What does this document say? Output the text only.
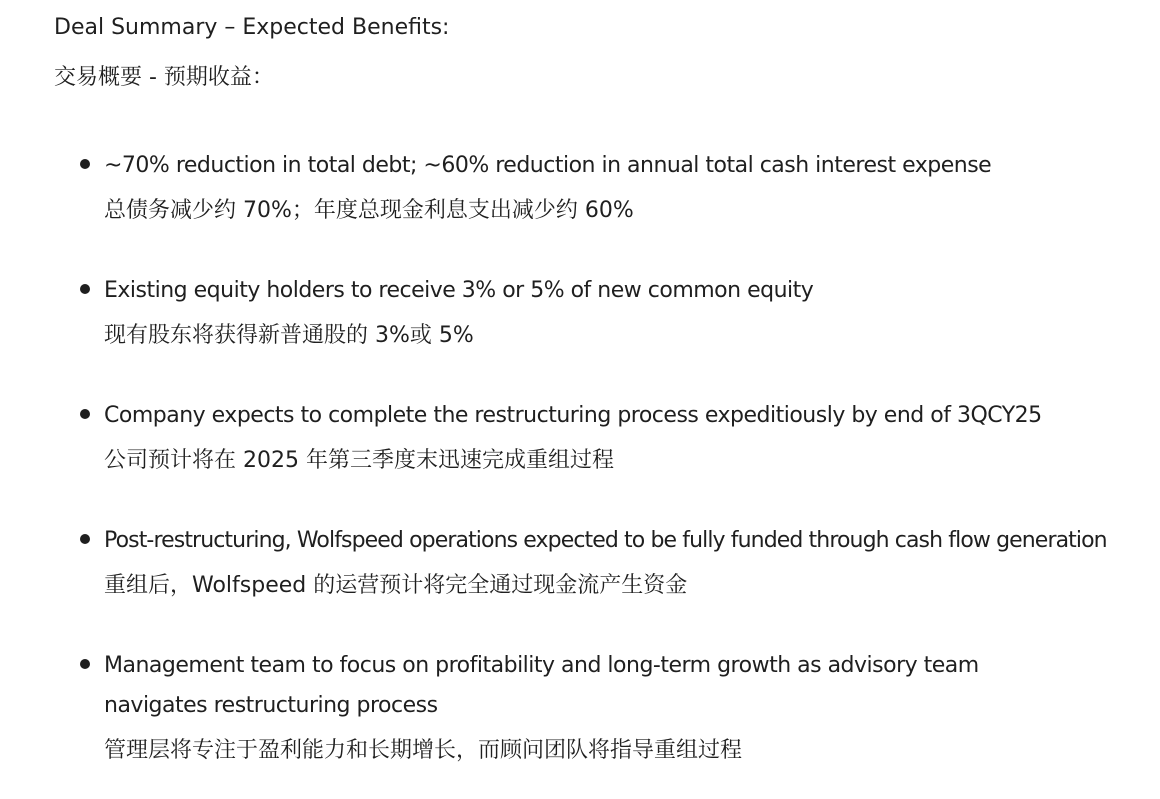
Deal Summary – Expected Benefits:
交易概要 - 预期收益：
~70% reduction in total debt; ~60% reduction in annual total cash interest expense
总债务减少约 70%；年度总现金利息支出减少约 60%
Existing equity holders to receive 3% or 5% of new common equity
现有股东将获得新普通股的 3%或 5%
Company expects to complete the restructuring process expeditiously by end of 3QCY25
公司预计将在 2025 年第三季度末迅速完成重组过程
Post-restructuring, Wolfspeed operations expected to be fully funded through cash flow generation
重组后，Wolfspeed 的运营预计将完全通过现金流产生资金
Management team to focus on profitability and long-term growth as advisory team navigates restructuring process
管理层将专注于盈利能力和长期增长，而顾问团队将指导重组过程
